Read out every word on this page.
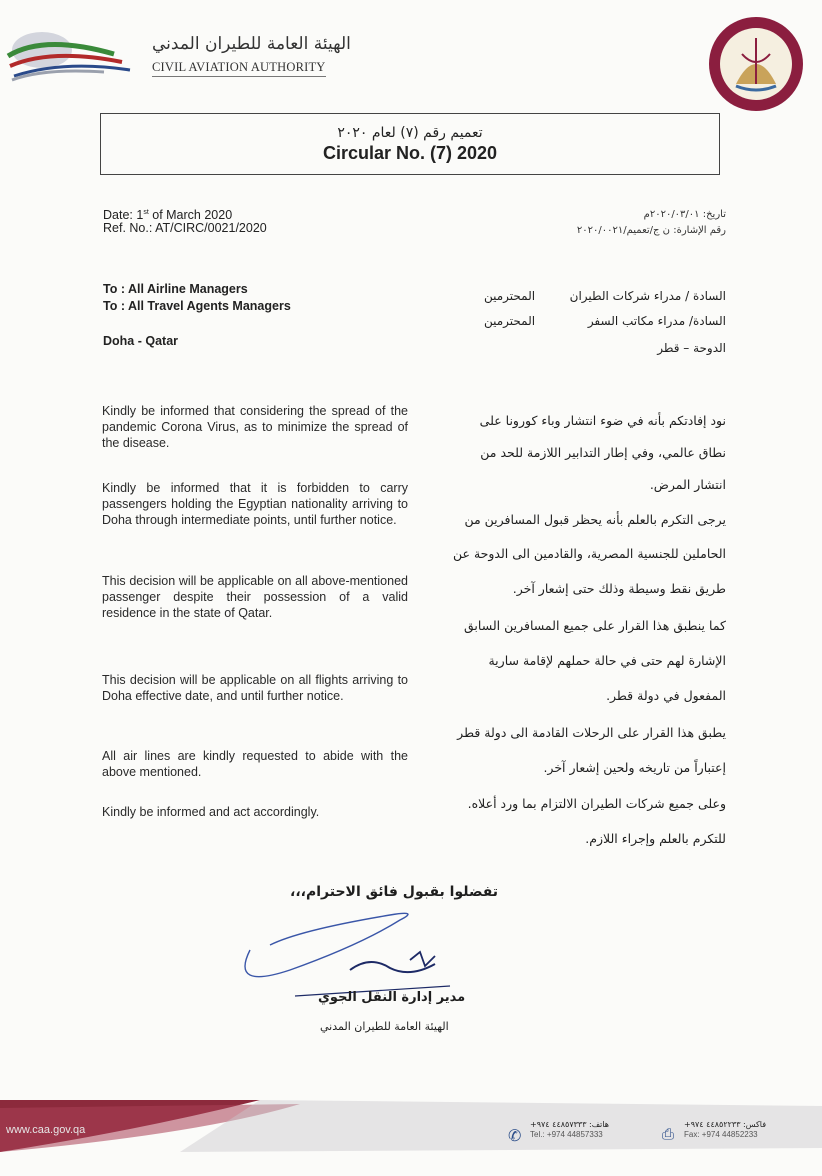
الهيئة العامة للطيران المدني
CIVIL AVIATION AUTHORITY
تعميم رقم (٧) لعام ٢٠٢٠
Circular No. (7) 2020
Date: 1st of March 2020
Ref. No.: AT/CIRC/0021/2020
تاريخ: ٢٠٢٠/٠٣/٠١م
رقم الإشارة: ن ج/تعميم/٢٠٢٠/٠٠٢١
To : All Airline Managers
To : All Travel Agents Managers
Doha - Qatar
السادة / مدراء شركات الطيران
المحترمين
السادة/ مدراء مكاتب السفر
المحترمين
الدوحة – قطر
Kindly be informed that considering the spread of the pandemic Corona Virus, as to minimize the spread of the disease.
Kindly be informed that it is forbidden to carry passengers holding the Egyptian nationality arriving to Doha through intermediate points, until further notice.
This decision will be applicable on all above-mentioned passenger despite their possession of a valid residence in the state of Qatar.
This decision will be applicable on all flights arriving to Doha effective date, and until further notice.
All air lines are kindly requested to abide with the above mentioned.
Kindly be informed and act accordingly.
نود إفادتكم بأنه في ضوء انتشار وباء كورونا على
نطاق عالمي، وفي إطار التدابير اللازمة للحد من
انتشار المرض.
يرجى التكرم بالعلم بأنه يحظر قبول المسافرين من
الحاملين للجنسية المصرية، والقادمين الى الدوحة عن
طريق نقط وسيطة وذلك حتى إشعار آخر.
كما ينطبق هذا القرار على جميع المسافرين السابق
الإشارة لهم حتى في حالة حملهم لإقامة سارية
المفعول في دولة قطر.
يطبق هذا القرار على الرحلات القادمة الى دولة قطر
إعتباراً من تاريخه ولحين إشعار آخر.
وعلى جميع شركات الطيران الالتزام بما ورد أعلاه.
للتكرم بالعلم وإجراء اللازم.
تفضلوا بقبول فائق الاحترام،،،
مدير إدارة النقل الجوي
الهيئة العامة للطيران المدني
www.caa.gov.qa	✆
هاتف: ٤٤٨٥٧٣٣٣ ٩٧٤+
Tel.: +974 44857333	⎙
فاكس: ٤٤٨٥٢٢٣٣ ٩٧٤+
Fax: +974 44852233
